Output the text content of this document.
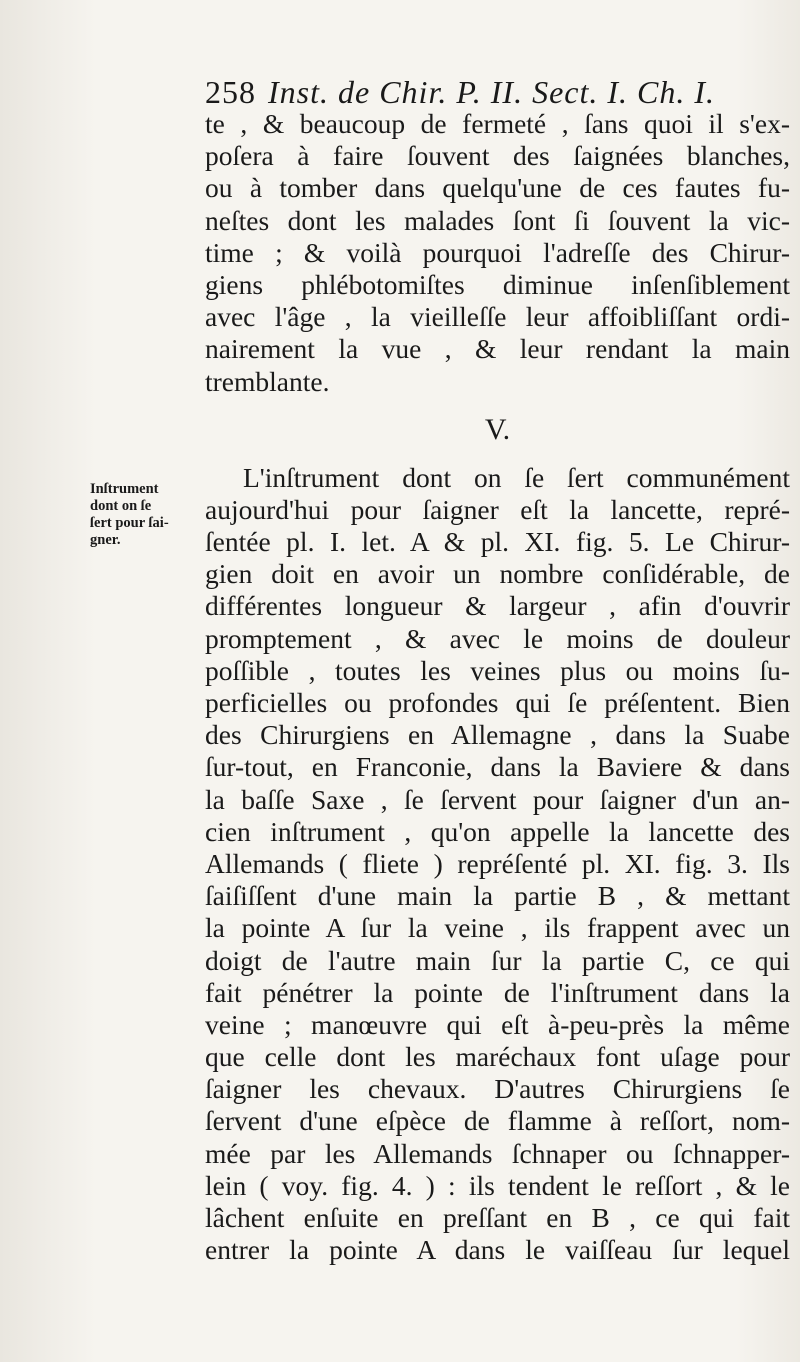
258 Inst. de Chir. P. II. Sect. I. Ch. I.
te , & beaucoup de fermeté , ſans quoi il s'ex-
poſera à faire ſouvent des ſaignées blanches,
ou à tomber dans quelqu'une de ces fautes fu-
neſtes dont les malades ſont ſi ſouvent la vic-
time ; & voilà pourquoi l'adreſſe des Chirur-
giens phlébotomiſtes diminue inſenſiblement
avec l'âge , la vieilleſſe leur affoibliſſant ordi-
nairement la vue , & leur rendant la main
tremblante.
V.
L'inſtrument dont on ſe ſert communément
aujourd'hui pour ſaigner eſt la lancette, repré-
ſentée pl. I. let. A & pl. XI. fig. 5. Le Chirur-
gien doit en avoir un nombre conſidérable, de
différentes longueur & largeur , afin d'ouvrir
promptement , & avec le moins de douleur
poſſible , toutes les veines plus ou moins ſu-
perficielles ou profondes qui ſe préſentent. Bien
des Chirurgiens en Allemagne , dans la Suabe
ſur-tout, en Franconie, dans la Baviere & dans
la baſſe Saxe , ſe ſervent pour ſaigner d'un an-
cien inſtrument , qu'on appelle la lancette des
Allemands ( fliete ) repréſenté pl. XI. fig. 3. Ils
ſaiſiſſent d'une main la partie B , & mettant
la pointe A ſur la veine , ils frappent avec un
doigt de l'autre main ſur la partie C, ce qui
fait pénétrer la pointe de l'inſtrument dans la
veine ; manœuvre qui eſt à-peu-près la même
que celle dont les maréchaux font uſage pour
ſaigner les chevaux. D'autres Chirurgiens ſe
ſervent d'une eſpèce de flamme à reſſort, nom-
mée par les Allemands ſchnaper ou ſchnapper-
lein ( voy. fig. 4. ) : ils tendent le reſſort , & le
lâchent enſuite en preſſant en B , ce qui fait
entrer la pointe A dans le vaiſſeau ſur lequel
Inſtrument
dont on ſe
ſert pour ſai-
gner.
